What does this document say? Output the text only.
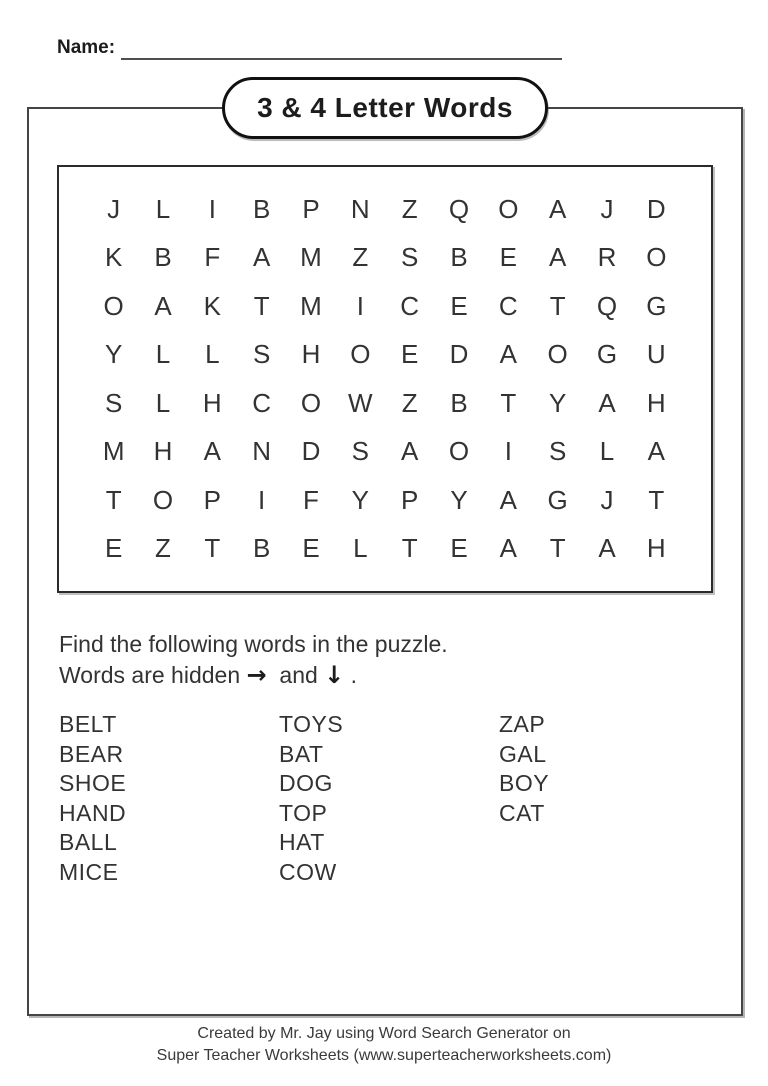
Name:
3 & 4 Letter Words
J	L	I	B	P	N	Z	Q	O	A	J	D
K	B	F	A	M	Z	S	B	E	A	R	O
O	A	K	T	M	I	C	E	C	T	Q	G
Y	L	L	S	H	O	E	D	A	O	G	U
S	L	H	C	O	W	Z	B	T	Y	A	H
M	H	A	N	D	S	A	O	I	S	L	A
T	O	P	I	F	Y	P	Y	A	G	J	T
E	Z	T	B	E	L	T	E	A	T	A	H
Find the following words in the puzzle.
Words are hidden → and ↓ .
BELT
BEAR
SHOE
HAND
BALL
MICE
TOYS
BAT
DOG
TOP
HAT
COW
ZAP
GAL
BOY
CAT
Created by Mr. Jay using Word Search Generator on
Super Teacher Worksheets (www.superteacherworksheets.com)
